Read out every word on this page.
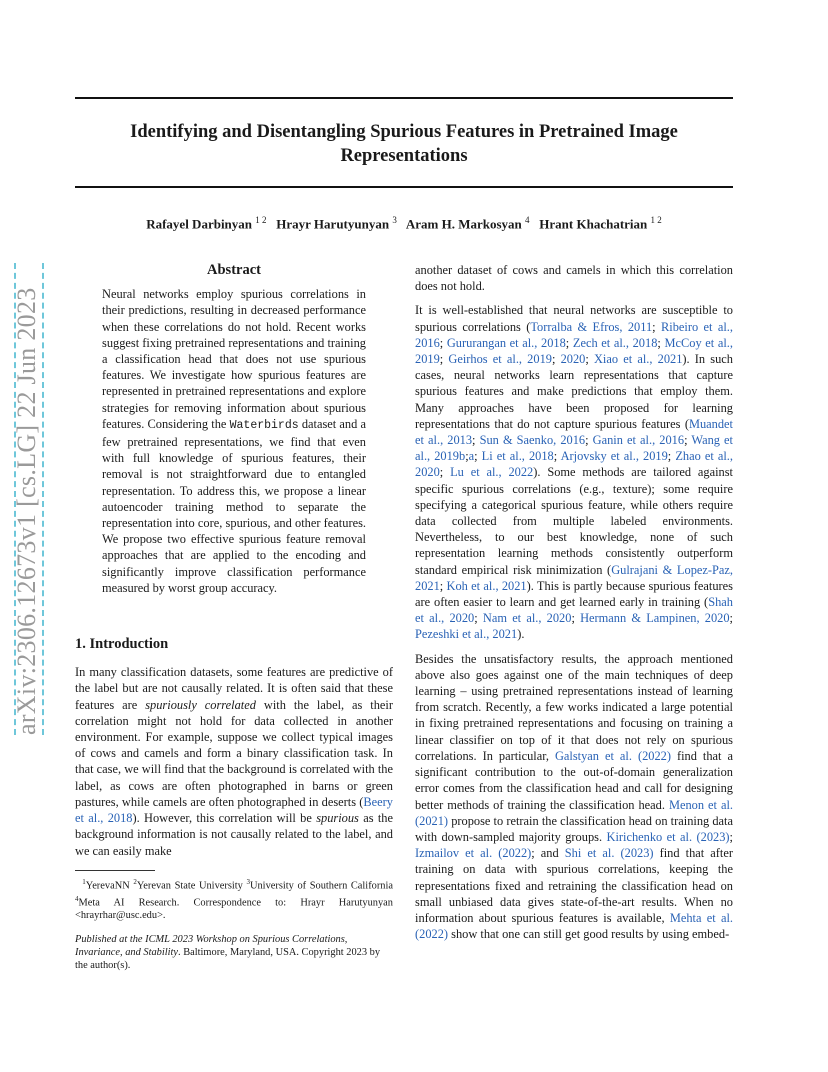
arXiv:2306.12673v1 [cs.LG] 22 Jun 2023
Identifying and Disentangling Spurious Features in Pretrained Image Representations
Rafayel Darbinyan $^{1 2}$ Hrayr Harutyunyan $^3$ Aram H. Markosyan $^4$ Hrant Khachatrian $^{1 2}$
Abstract
Neural networks employ spurious correlations in their predictions, resulting in decreased performance when these correlations do not hold. Recent works suggest fixing pretrained representations and training a classification head that does not use spurious features. We investigate how spurious features are represented in pretrained representations and explore strategies for removing information about spurious features. Considering the Waterbirds dataset and a few pretrained representations, we find that even with full knowledge of spurious features, their removal is not straightforward due to entangled representation. To address this, we propose a linear autoencoder training method to separate the representation into core, spurious, and other features. We propose two effective spurious feature removal approaches that are applied to the encoding and significantly improve classification performance measured by worst group accuracy.
1. Introduction

In many classification datasets, some features are predictive of the label but are not causally related. It is often said that these features are spuriously correlated with the label, as their correlation might not hold for data collected in another environment. For example, suppose we collect typical images of cows and camels and form a binary classification task. In that case, we will find that the background is correlated with the label, as cows are often photographed in barns or green pastures, while camels are often photographed in deserts (Beery et al., 2018). However, this correlation will be spurious as the background information is not causally related to the label, and we can easily make

$^1$YerevaNN $^2$Yerevan State University $^3$University of Southern California $^4$Meta AI Research. Correspondence to: Hrayr Harutyunyan <hrayrhar@usc.edu>.
Published at the ICML 2023 Workshop on Spurious Correlations, Invariance, and Stability. Baltimore, Maryland, USA. Copyright 2023 by the author(s).

another dataset of cows and camels in which this correlation does not hold.

It is well-established that neural networks are susceptible to spurious correlations (Torralba & Efros, 2011; Ribeiro et al., 2016; Gururangan et al., 2018; Zech et al., 2018; McCoy et al., 2019; Geirhos et al., 2019; 2020; Xiao et al., 2021). In such cases, neural networks learn representations that capture spurious features and make predictions that employ them. Many approaches have been proposed for learning representations that do not capture spurious features (Muandet et al., 2013; Sun & Saenko, 2016; Ganin et al., 2016; Wang et al., 2019b;a; Li et al., 2018; Arjovsky et al., 2019; Zhao et al., 2020; Lu et al., 2022). Some methods are tailored against specific spurious correlations (e.g., texture); some require specifying a categorical spurious feature, while others require data collected from multiple labeled environments. Nevertheless, to our best knowledge, none of such representation learning methods consistently outperform standard empirical risk minimization (Gulrajani & Lopez-Paz, 2021; Koh et al., 2021). This is partly because spurious features are often easier to learn and get learned early in training (Shah et al., 2020; Nam et al., 2020; Hermann & Lampinen, 2020; Pezeshki et al., 2021).

Besides the unsatisfactory results, the approach mentioned above also goes against one of the main techniques of deep learning – using pretrained representations instead of learning from scratch. Recently, a few works indicated a large potential in fixing pretrained representations and focusing on training a linear classifier on top of it that does not rely on spurious correlations. In particular, Galstyan et al. (2022) find that a significant contribution to the out-of-domain generalization error comes from the classification head and call for designing better methods of training the classification head. Menon et al. (2021) propose to retrain the classification head on training data with down-sampled majority groups. Kirichenko et al. (2023); Izmailov et al. (2022); and Shi et al. (2023) find that after training on data with spurious correlations, keeping the representations fixed and retraining the classification head on small unbiased data gives state-of-the-art results. When no information about spurious features is available, Mehta et al. (2022) show that one can still get good results by using embed-
